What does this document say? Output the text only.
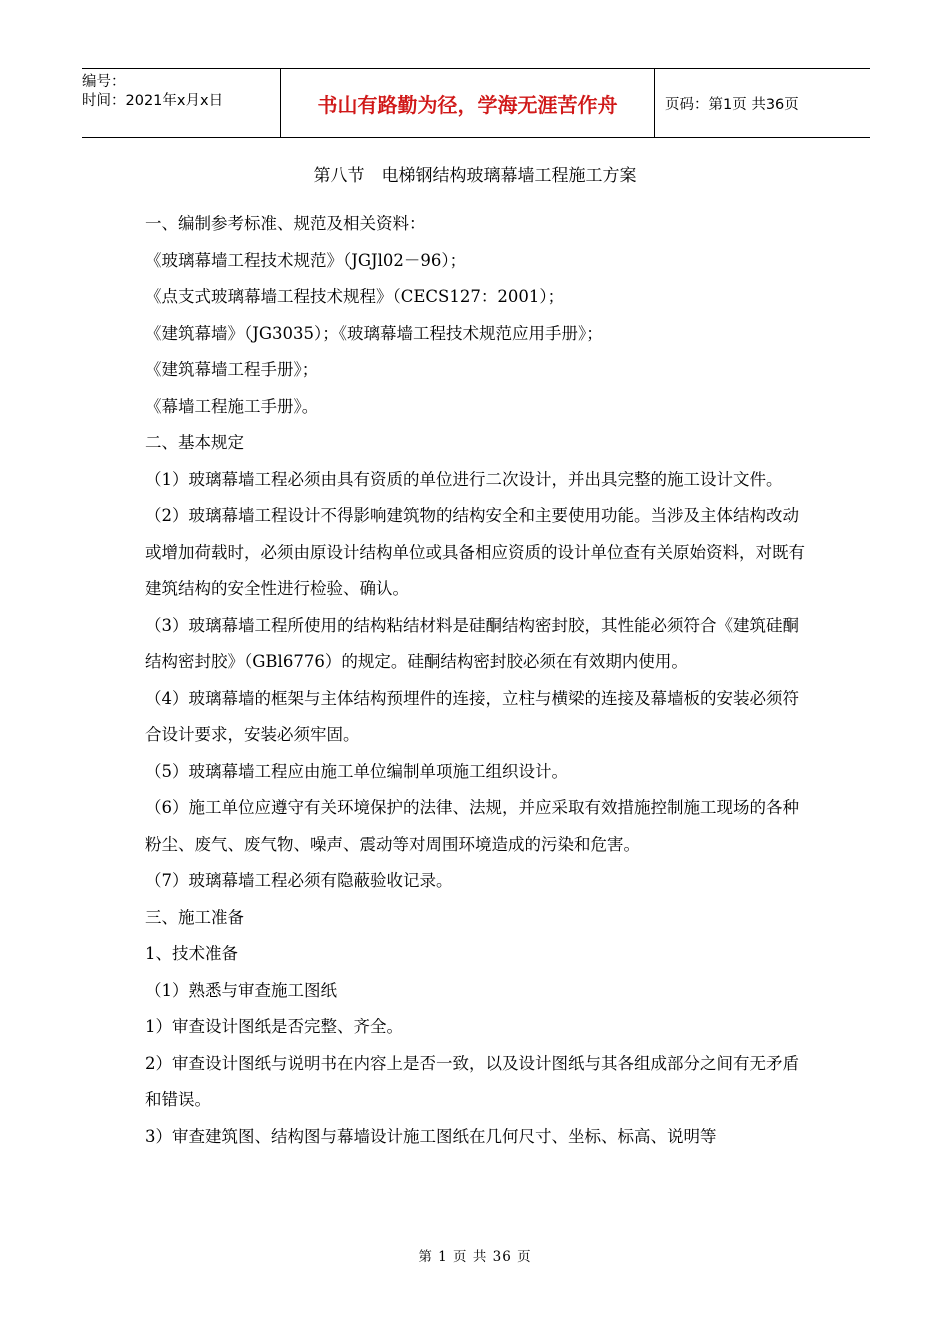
编号：
时间：2021年x月x日	书山有路勤为径，学海无涯苦作舟	页码：第1页 共36页
第八节　电梯钢结构玻璃幕墙工程施工方案

一、编制参考标准、规范及相关资料：

《玻璃幕墙工程技术规范》（JGJl02－96）；

《点支式玻璃幕墙工程技术规程》（CECS127：2001）；

《建筑幕墙》（JG3035）；《玻璃幕墙工程技术规范应用手册》；

《建筑幕墙工程手册》；

《幕墙工程施工手册》。

二、基本规定

（1）玻璃幕墙工程必须由具有资质的单位进行二次设计，并出具完整的施工设计文件。

（2）玻璃幕墙工程设计不得影响建筑物的结构安全和主要使用功能。当涉及主体结构改动或增加荷载时，必须由原设计结构单位或具备相应资质的设计单位查有关原始资料，对既有建筑结构的安全性进行检验、确认。

（3）玻璃幕墙工程所使用的结构粘结材料是硅酮结构密封胶，其性能必须符合《建筑硅酮结构密封胶》（GBl6776）的规定。硅酮结构密封胶必须在有效期内使用。

（4）玻璃幕墙的框架与主体结构预埋件的连接，立柱与横梁的连接及幕墙板的安装必须符合设计要求，安装必须牢固。

（5）玻璃幕墙工程应由施工单位编制单项施工组织设计。

（6）施工单位应遵守有关环境保护的法律、法规，并应采取有效措施控制施工现场的各种粉尘、废气、废气物、噪声、震动等对周围环境造成的污染和危害。

（7）玻璃幕墙工程必须有隐蔽验收记录。

三、施工准备

1、技术准备

（1）熟悉与审查施工图纸

1）审查设计图纸是否完整、齐全。

2）审查设计图纸与说明书在内容上是否一致，以及设计图纸与其各组成部分之间有无矛盾和错误。

3）审查建筑图、结构图与幕墙设计施工图纸在几何尺寸、坐标、标高、说明等

第 1 页 共 36 页
